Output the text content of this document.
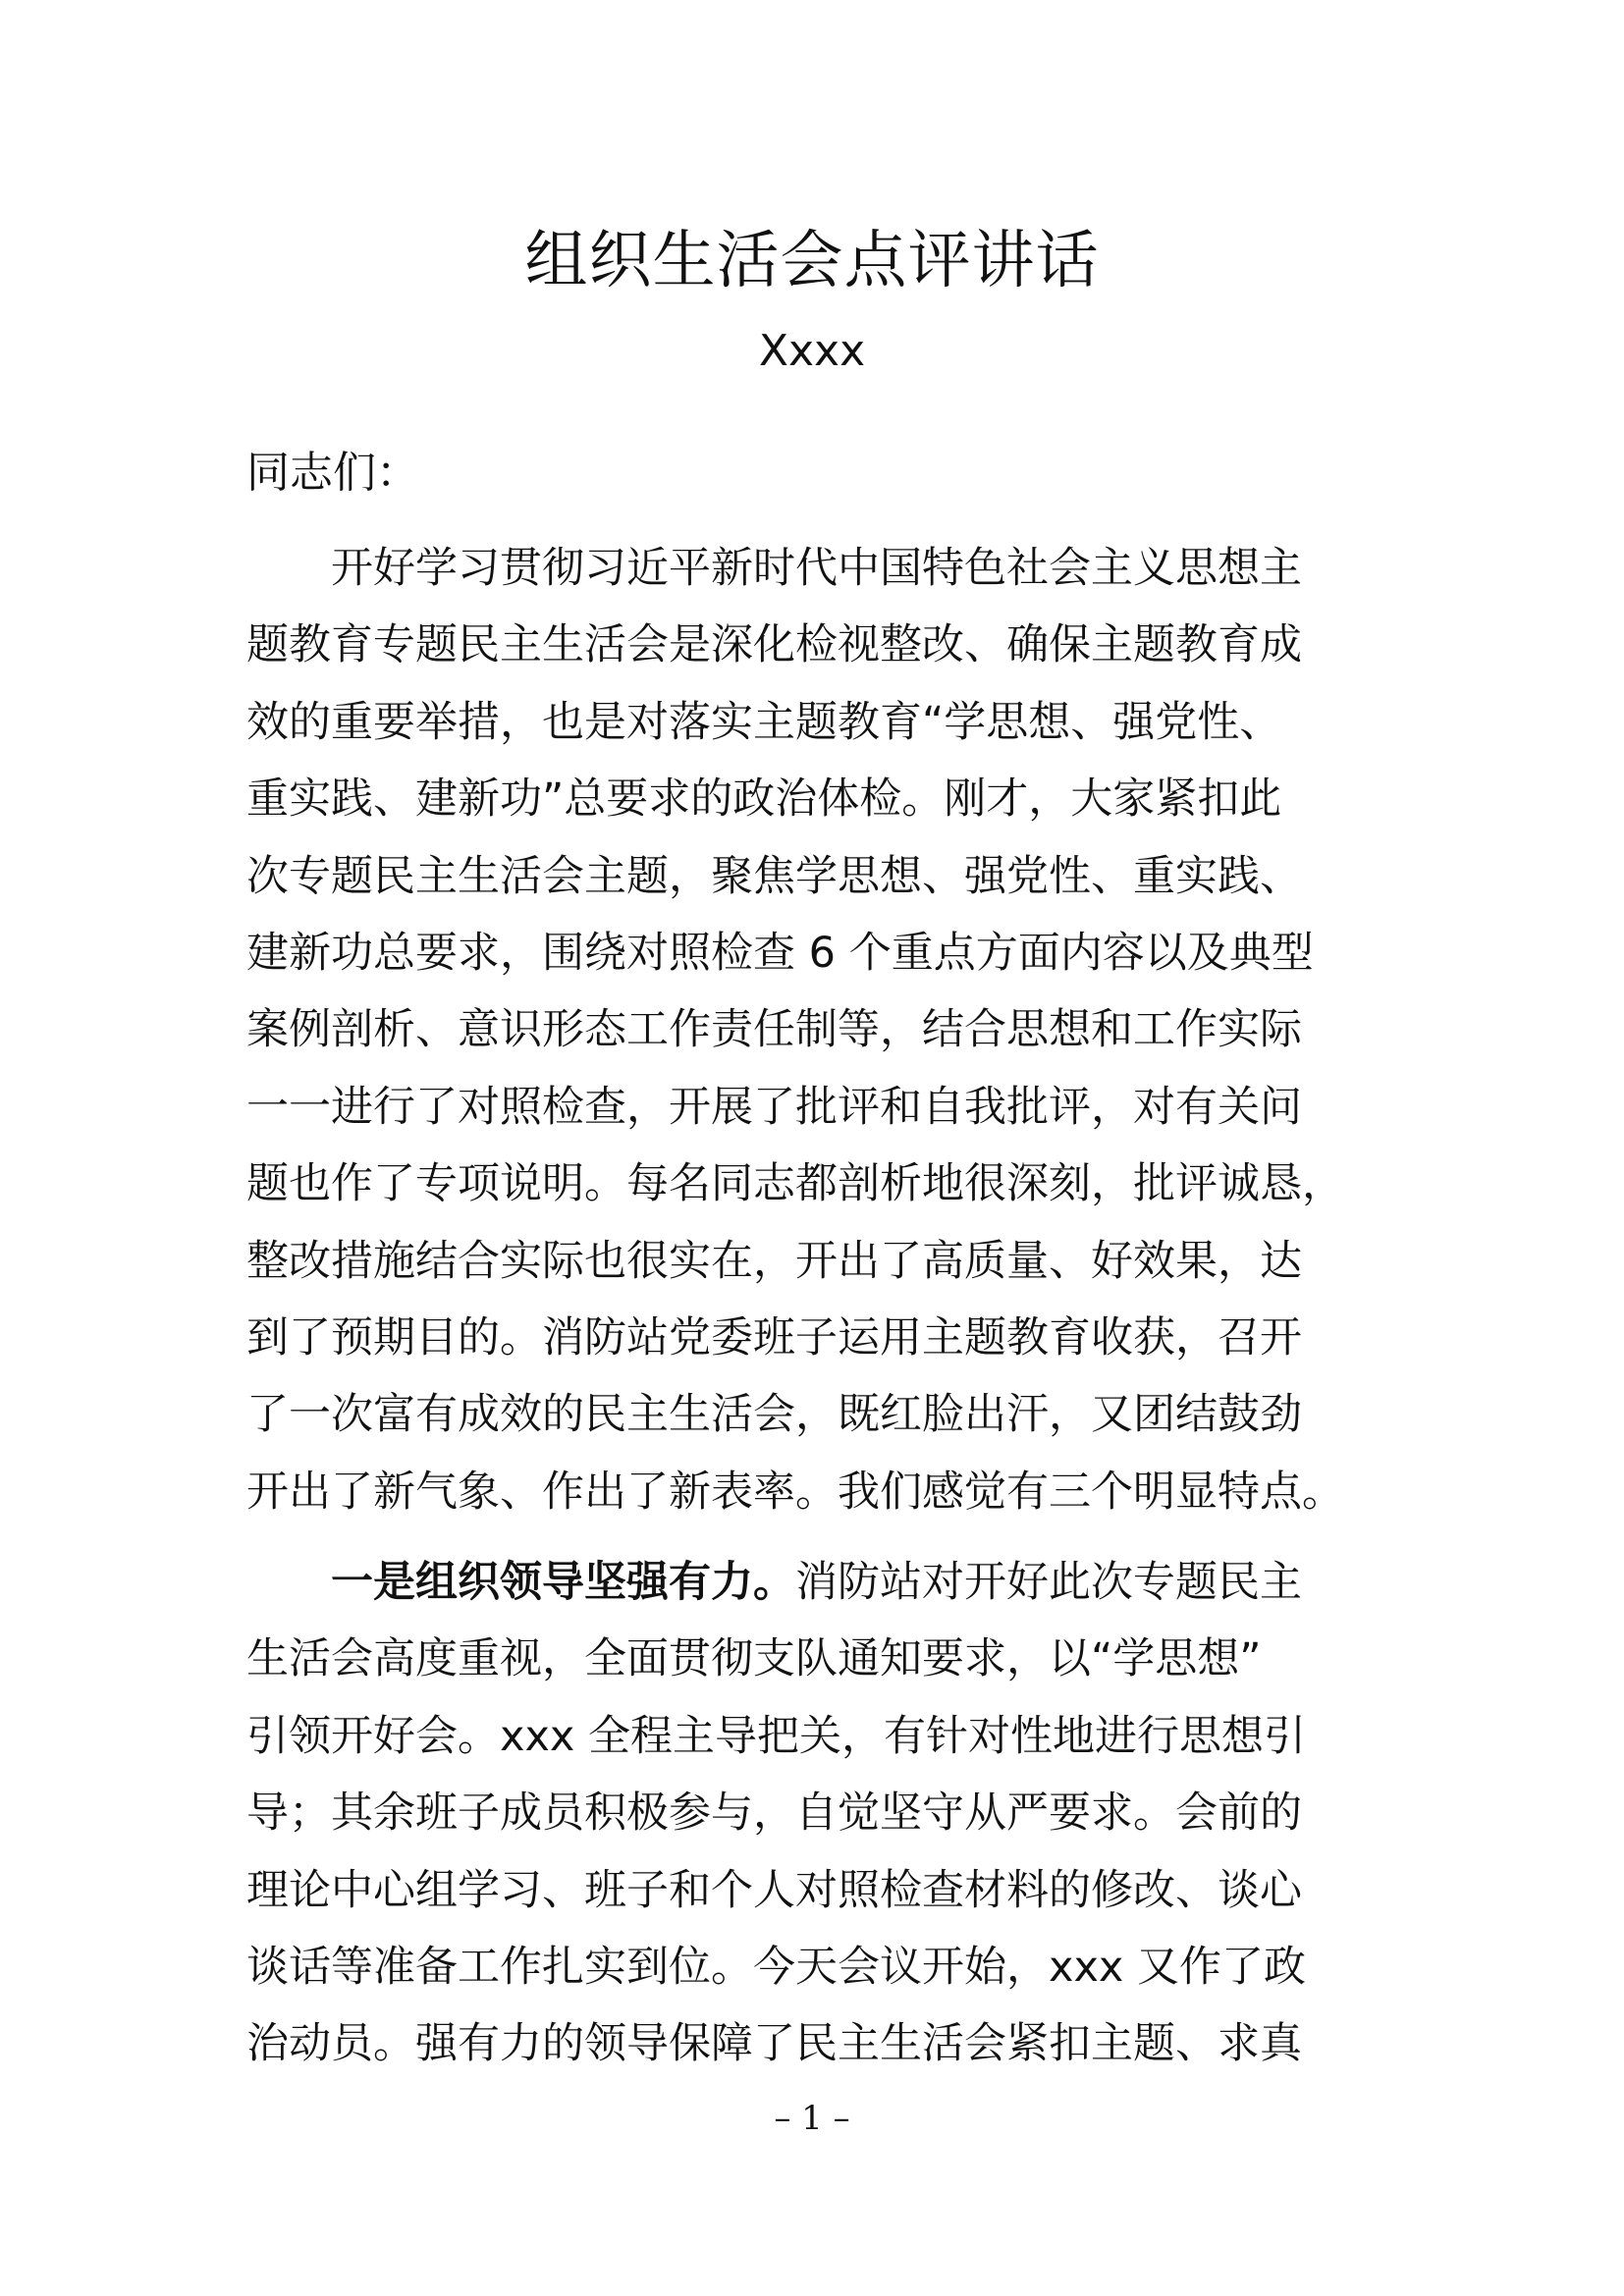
组织生活会点评讲话
Xxxx
同志们：
开好学习贯彻习近平新时代中国特色社会主义思想主
题教育专题民主生活会是深化检视整改、确保主题教育成
效的重要举措，也是对落实主题教育“学思想、强党性、
重实践、建新功”总要求的政治体检。刚才，大家紧扣此
次专题民主生活会主题，聚焦学思想、强党性、重实践、
建新功总要求，围绕对照检查 6 个重点方面内容以及典型
案例剖析、意识形态工作责任制等，结合思想和工作实际
一一进行了对照检查，开展了批评和自我批评，对有关问
题也作了专项说明。每名同志都剖析地很深刻，批评诚恳，
整改措施结合实际也很实在，开出了高质量、好效果，达
到了预期目的。消防站党委班子运用主题教育收获，召开
了一次富有成效的民主生活会，既红脸出汗，又团结鼓劲
开出了新气象、作出了新表率。我们感觉有三个明显特点。
一是组织领导坚强有力。消防站对开好此次专题民主
生活会高度重视，全面贯彻支队通知要求，以“学思想”
引领开好会。xxx 全程主导把关，有针对性地进行思想引
导；其余班子成员积极参与，自觉坚守从严要求。会前的
理论中心组学习、班子和个人对照检查材料的修改、谈心
谈话等准备工作扎实到位。今天会议开始，xxx 又作了政
治动员。强有力的领导保障了民主生活会紧扣主题、求真
– 1 –
